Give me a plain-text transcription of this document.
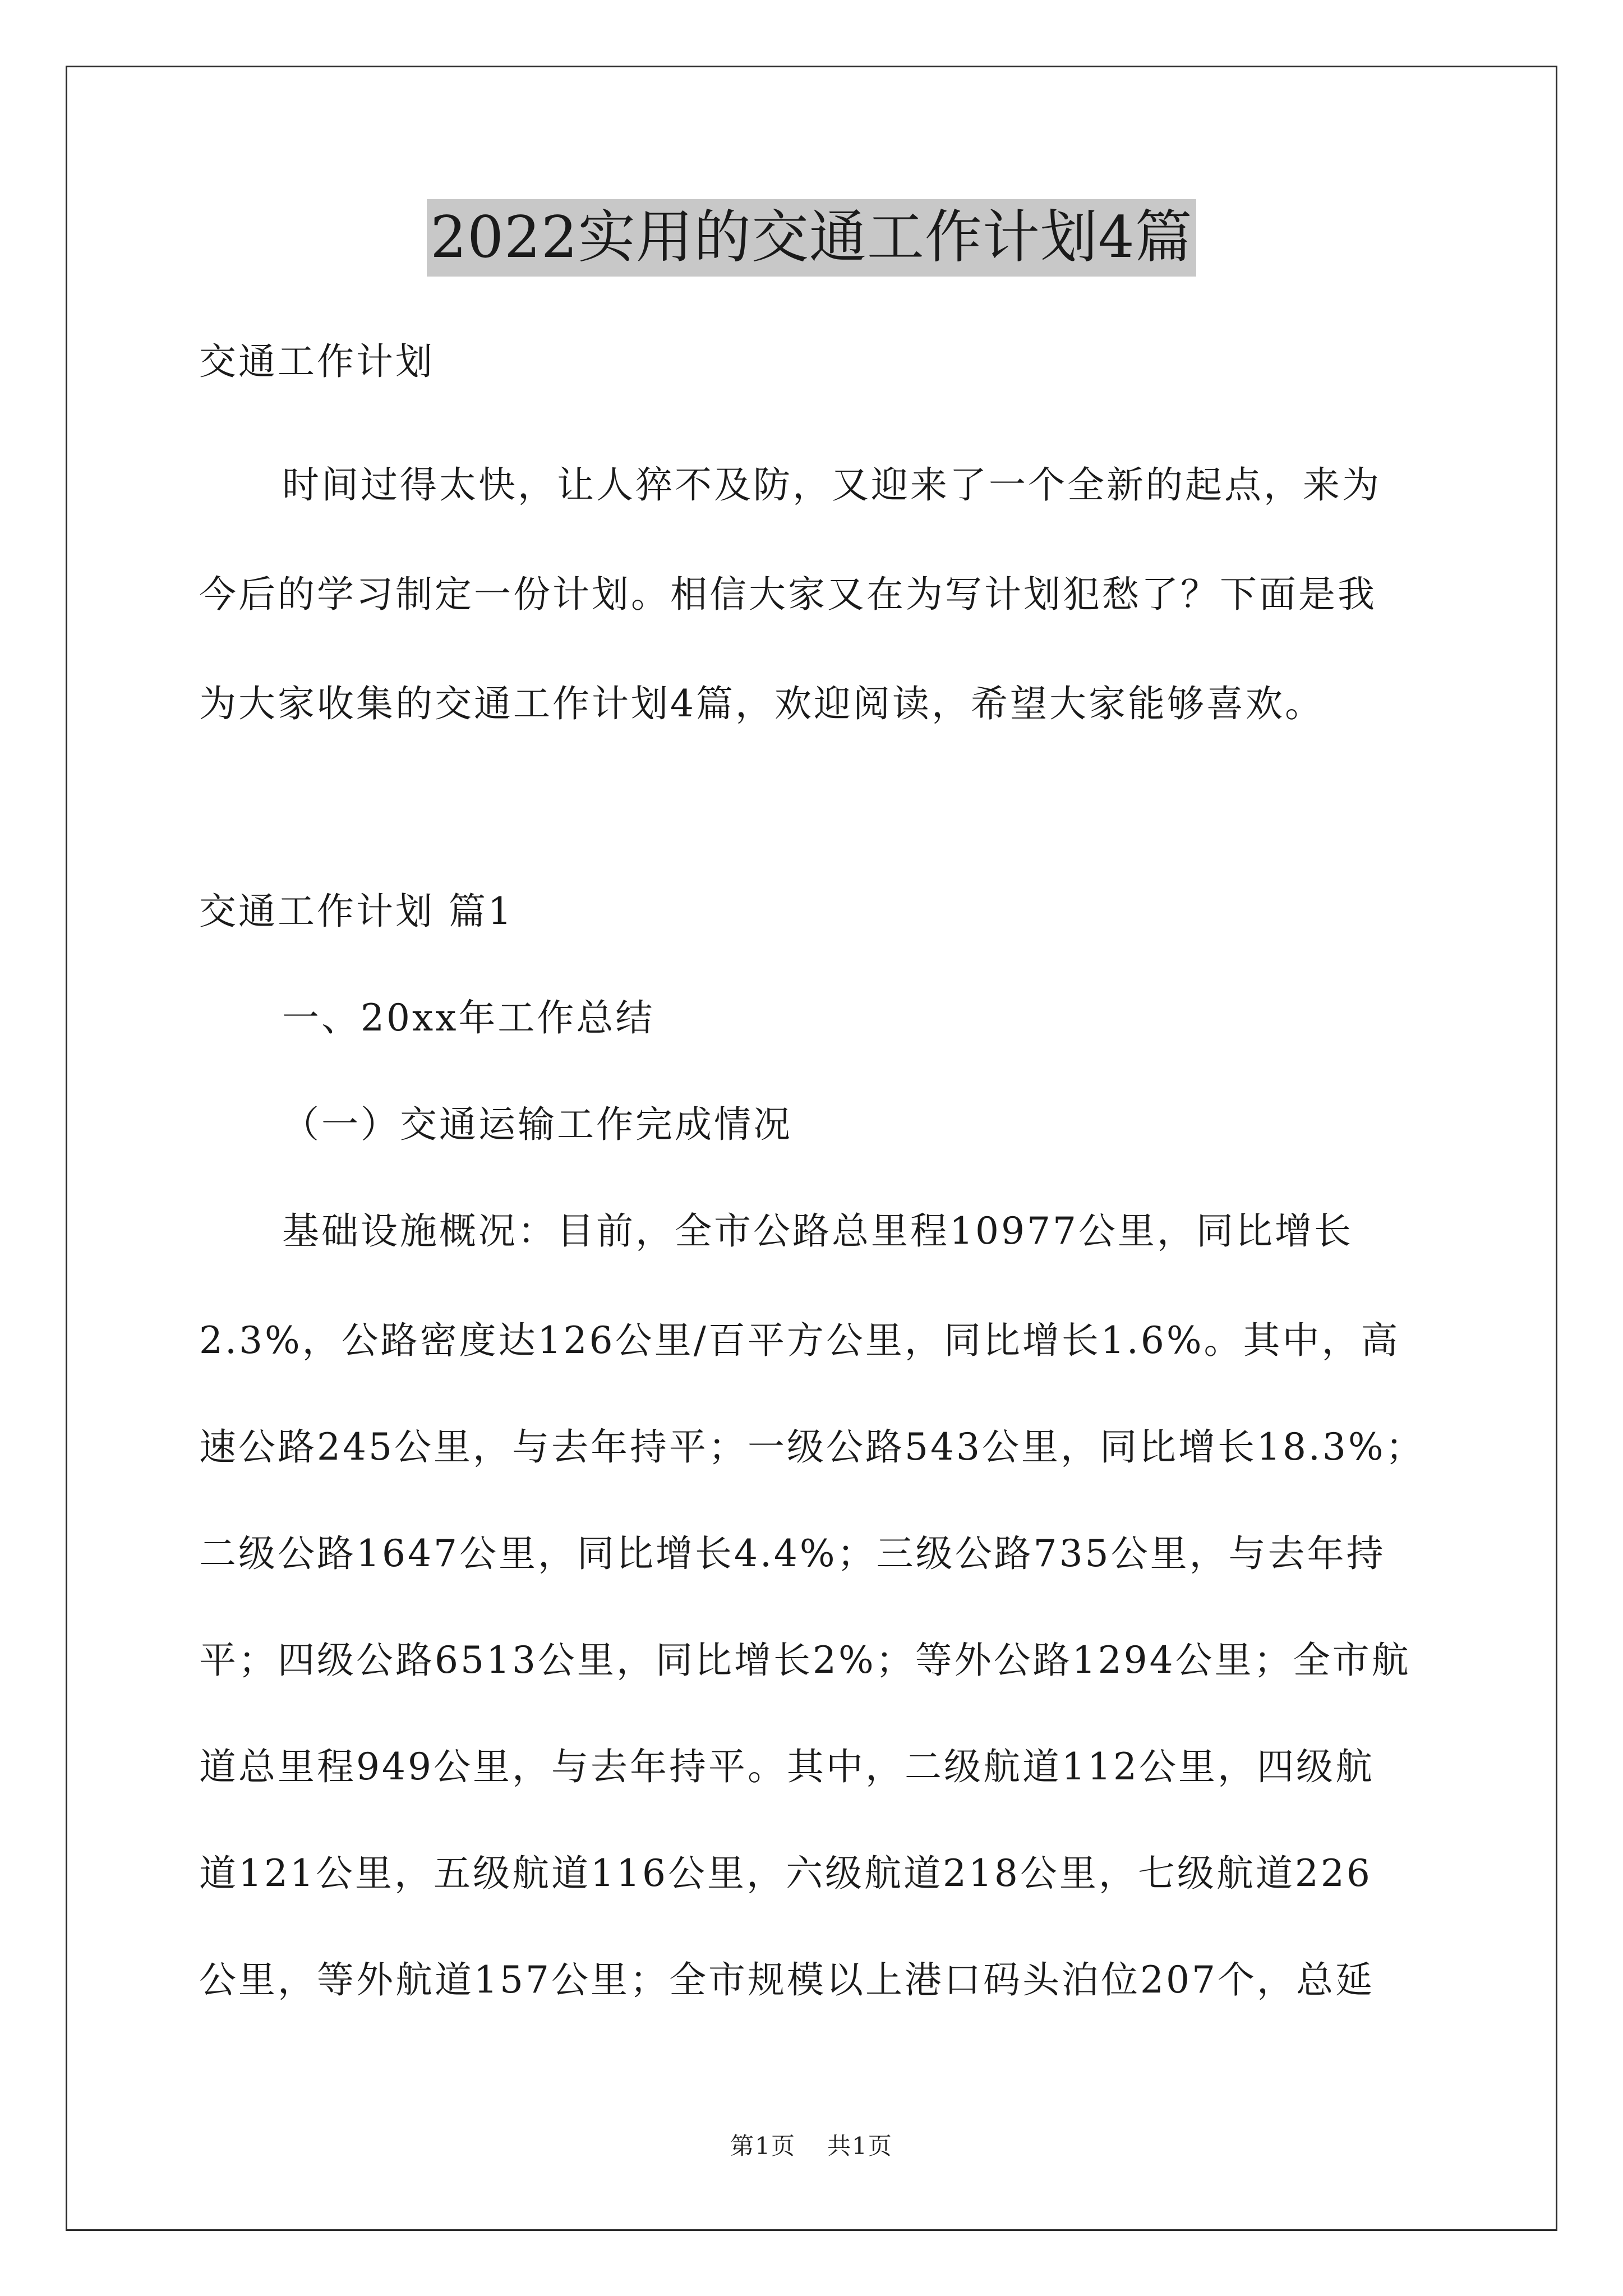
2022实用的交通工作计划4篇

交通工作计划

时间过得太快，让人猝不及防，又迎来了一个全新的起点，来为

今后的学习制定一份计划。相信大家又在为写计划犯愁了？下面是我

为大家收集的交通工作计划4篇，欢迎阅读，希望大家能够喜欢。

交通工作计划 篇1

一、20xx年工作总结

（一）交通运输工作完成情况

基础设施概况：目前，全市公路总里程10977公里，同比增长

2.3%，公路密度达126公里/百平方公里，同比增长1.6%。其中，高

速公路245公里，与去年持平；一级公路543公里，同比增长18.3%；

二级公路1647公里，同比增长4.4%；三级公路735公里，与去年持

平；四级公路6513公里，同比增长2%；等外公路1294公里；全市航

道总里程949公里，与去年持平。其中，二级航道112公里，四级航

道121公里，五级航道116公里，六级航道218公里，七级航道226

公里，等外航道157公里；全市规模以上港口码头泊位207个，总延

第1页 共1页
